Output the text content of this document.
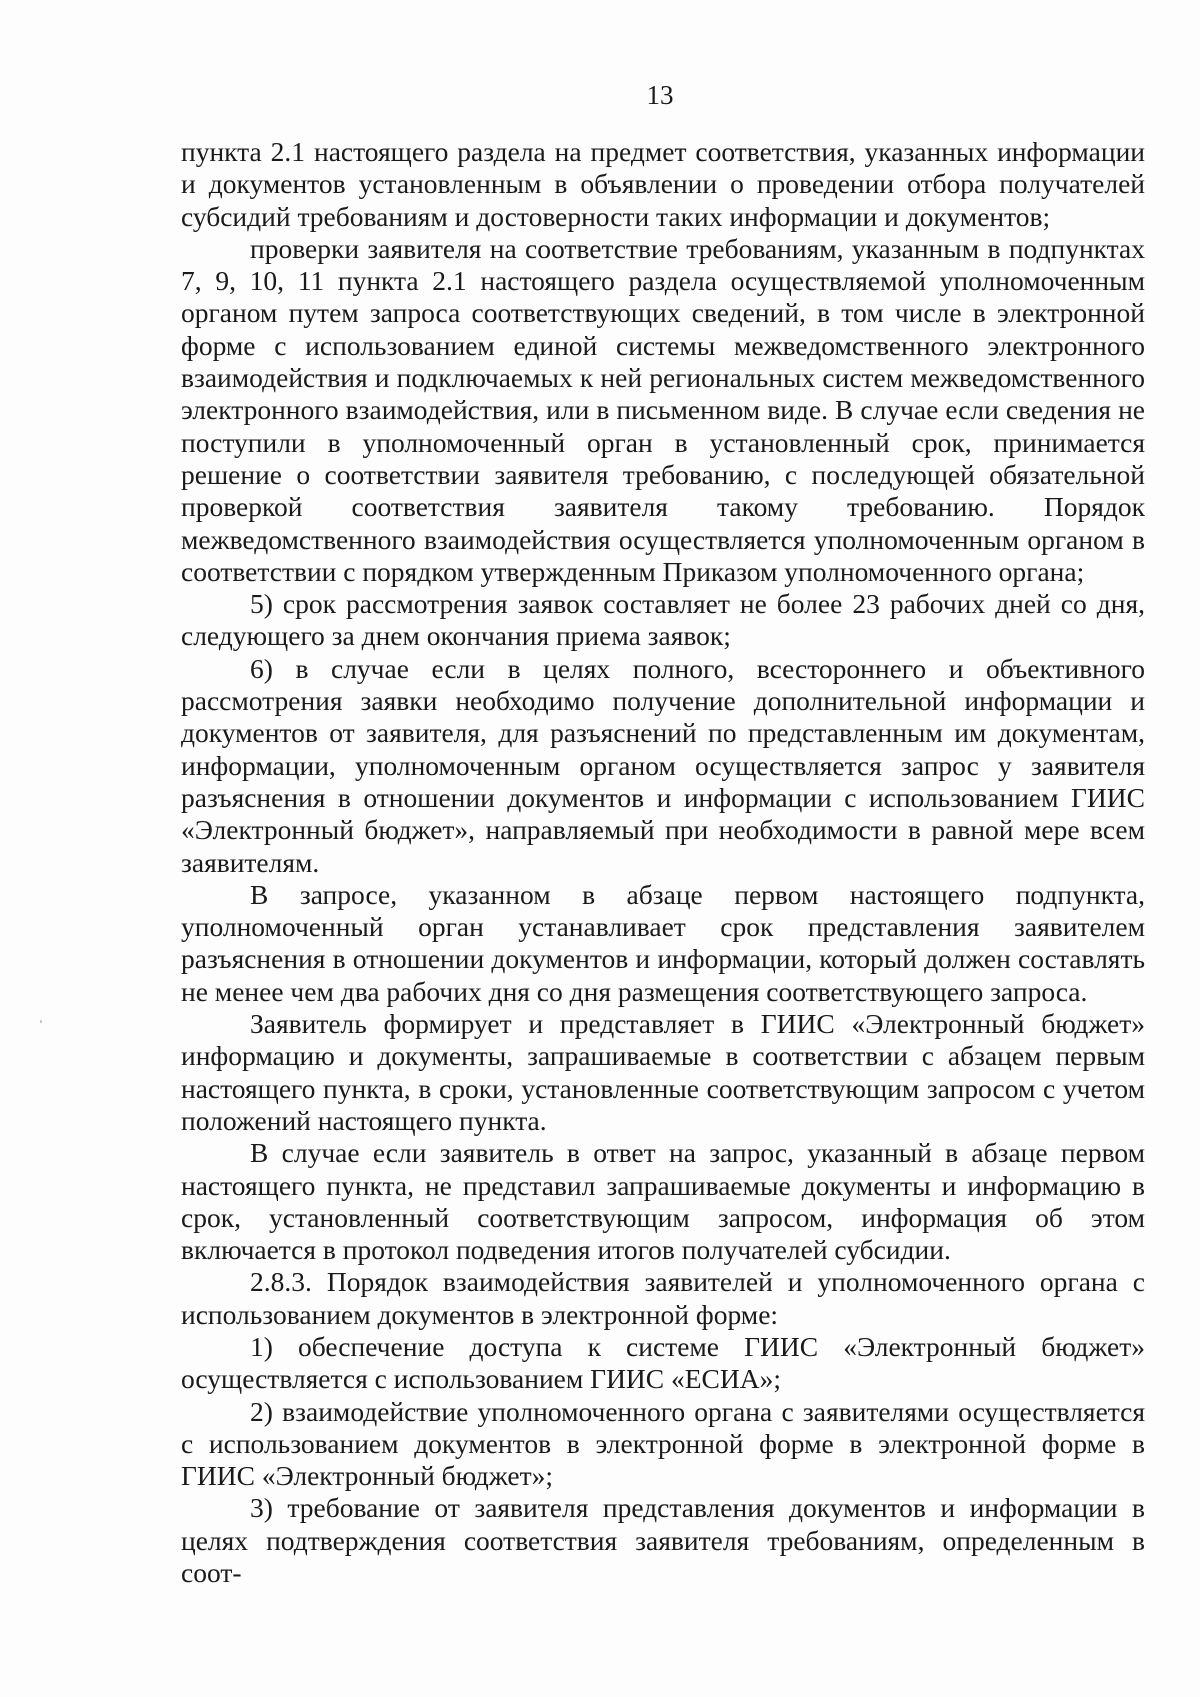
13

пункта 2.1 настоящего раздела на предмет соответствия, указанных информации и документов установленным в объявлении о проведении отбора получателей субсидий требованиям и достоверности таких информации и документов;

проверки заявителя на соответствие требованиям, указанным в подпунктах 7, 9, 10, 11 пункта 2.1 настоящего раздела осуществляемой уполномоченным органом путем запроса соответствующих сведений, в том числе в электронной форме с использованием единой системы межведомственного электронного взаимодействия и подключаемых к ней региональных систем межведомственного электронного взаимодействия, или в письменном виде. В случае если сведения не поступили в уполномоченный орган в установленный срок, принимается решение о соответствии заявителя требованию, с последующей обязательной проверкой соответствия заявителя такому требованию. Порядок межведомственного взаимодействия осуществляется уполномоченным органом в соответствии с порядком утвержденным Приказом уполномоченного органа;

5) срок рассмотрения заявок составляет не более 23 рабочих дней со дня, следующего за днем окончания приема заявок;

6) в случае если в целях полного, всестороннего и объективного рассмотрения заявки необходимо получение дополнительной информации и документов от заявителя, для разъяснений по представленным им документам, информации, уполномоченным органом осуществляется запрос у заявителя разъяснения в отношении документов и информации с использованием ГИИС «Электронный бюджет», направляемый при необходимости в равной мере всем заявителям.

В запросе, указанном в абзаце первом настоящего подпункта, уполномоченный орган устанавливает срок представления заявителем разъяснения в отношении документов и информации, который должен составлять не менее чем два рабочих дня со дня размещения соответствующего запроса.

Заявитель формирует и представляет в ГИИС «Электронный бюджет» информацию и документы, запрашиваемые в соответствии с абзацем первым настоящего пункта, в сроки, установленные соответствующим запросом с учетом положений настоящего пункта.

В случае если заявитель в ответ на запрос, указанный в абзаце первом настоящего пункта, не представил запрашиваемые документы и информацию в срок, установленный соответствующим запросом, информация об этом включается в протокол подведения итогов получателей субсидии.

2.8.3. Порядок взаимодействия заявителей и уполномоченного органа с использованием документов в электронной форме:

1) обеспечение доступа к системе ГИИС «Электронный бюджет» осуществляется с использованием ГИИС «ЕСИА»;

2) взаимодействие уполномоченного органа с заявителями осуществляется с использованием документов в электронной форме в электронной форме в ГИИС «Электронный бюджет»;

3) требование от заявителя представления документов и информации в целях подтверждения соответствия заявителя требованиям, определенным в соот-
